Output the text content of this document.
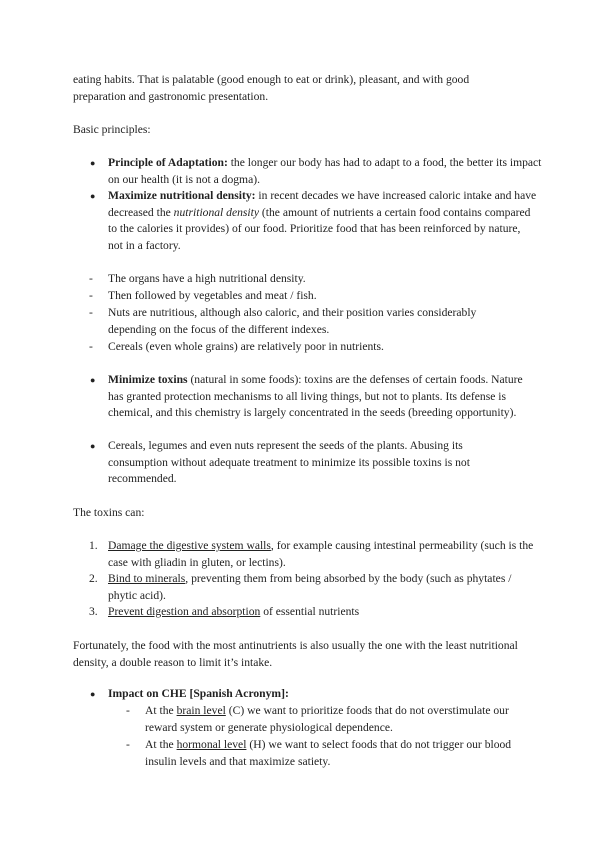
eating habits. That is palatable (good enough to eat or drink), pleasant, and with good
preparation and gastronomic presentation.

Basic principles:

● Principle of Adaptation: the longer our body has had to adapt to a food, the better its impact on our health (it is not a dogma).
● Maximize nutritional density: in recent decades we have increased caloric intake and have decreased the nutritional density (the amount of nutrients a certain food contains compared to the calories it provides) of our food. Prioritize food that has been reinforced by nature, not in a factory.
- The organs have a high nutritional density.
- Then followed by vegetables and meat / fish.
- Nuts are nutritious, although also caloric, and their position varies considerably depending on the focus of the different indexes.
- Cereals (even whole grains) are relatively poor in nutrients.
● Minimize toxins (natural in some foods): toxins are the defenses of certain foods. Nature has granted protection mechanisms to all living things, but not to plants. Its defense is chemical, and this chemistry is largely concentrated in the seeds (breeding opportunity).
● Cereals, legumes and even nuts represent the seeds of the plants. Abusing its consumption without adequate treatment to minimize its possible toxins is not recommended.

The toxins can:

1. Damage the digestive system walls, for example causing intestinal permeability (such is the case with gliadin in gluten, or lectins).
2. Bind to minerals, preventing them from being absorbed by the body (such as phytates / phytic acid).
3. Prevent digestion and absorption of essential nutrients

Fortunately, the food with the most antinutrients is also usually the one with the least nutritional density, a double reason to limit it’s intake.

● Impact on CHE [Spanish Acronym]:
- At the brain level (C) we want to prioritize foods that do not overstimulate our reward system or generate physiological dependence.
- At the hormonal level (H) we want to select foods that do not trigger our blood insulin levels and that maximize satiety.
